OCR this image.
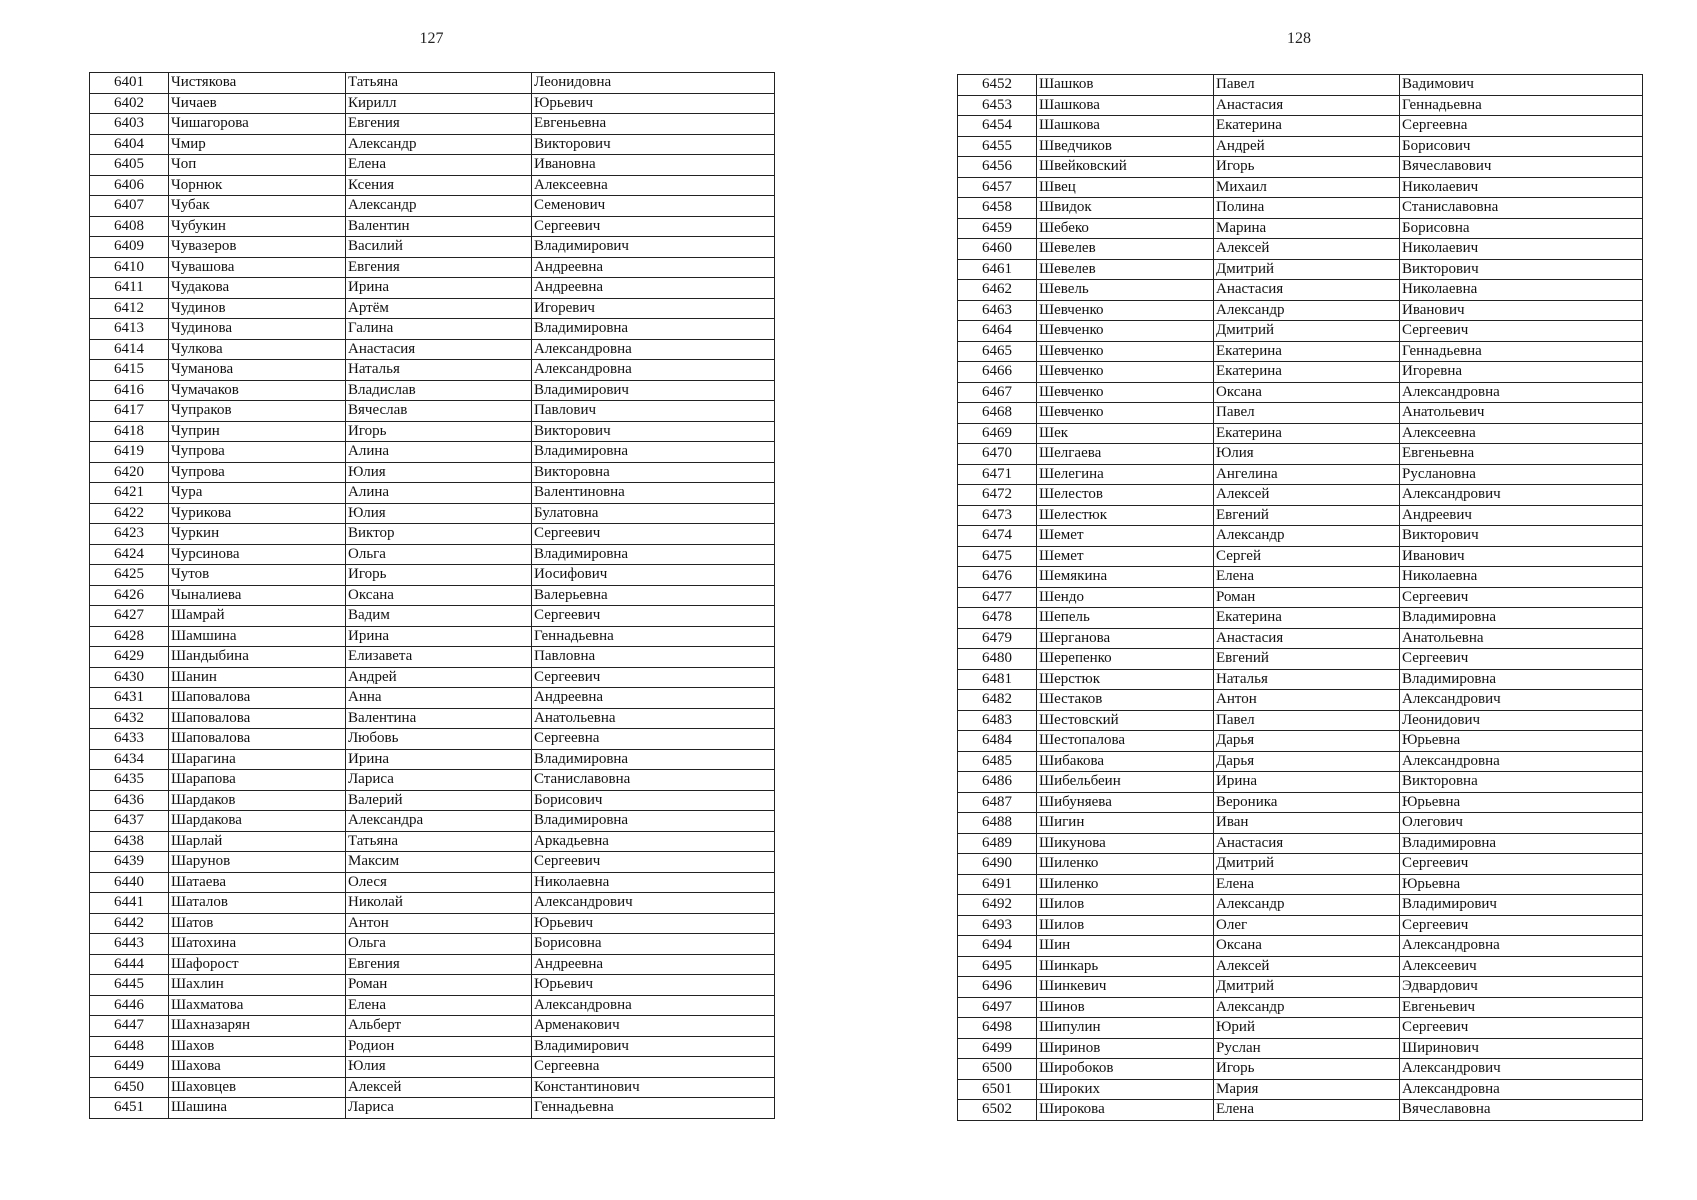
127
6401	Чистякова	Татьяна	Леонидовна
6402	Чичаев	Кирилл	Юрьевич
6403	Чишагорова	Евгения	Евгеньевна
6404	Чмир	Александр	Викторович
6405	Чоп	Елена	Ивановна
6406	Чорнюк	Ксения	Алексеевна
6407	Чубак	Александр	Семенович
6408	Чубукин	Валентин	Сергеевич
6409	Чувазеров	Василий	Владимирович
6410	Чувашова	Евгения	Андреевна
6411	Чудакова	Ирина	Андреевна
6412	Чудинов	Артём	Игоревич
6413	Чудинова	Галина	Владимировна
6414	Чулкова	Анастасия	Александровна
6415	Чуманова	Наталья	Александровна
6416	Чумачаков	Владислав	Владимирович
6417	Чупраков	Вячеслав	Павлович
6418	Чуприн	Игорь	Викторович
6419	Чупрова	Алина	Владимировна
6420	Чупрова	Юлия	Викторовна
6421	Чура	Алина	Валентиновна
6422	Чурикова	Юлия	Булатовна
6423	Чуркин	Виктор	Сергеевич
6424	Чурсинова	Ольга	Владимировна
6425	Чутов	Игорь	Иосифович
6426	Чыналиева	Оксана	Валерьевна
6427	Шамрай	Вадим	Сергеевич
6428	Шамшина	Ирина	Геннадьевна
6429	Шандыбина	Елизавета	Павловна
6430	Шанин	Андрей	Сергеевич
6431	Шаповалова	Анна	Андреевна
6432	Шаповалова	Валентина	Анатольевна
6433	Шаповалова	Любовь	Сергеевна
6434	Шарагина	Ирина	Владимировна
6435	Шарапова	Лариса	Станиславовна
6436	Шардаков	Валерий	Борисович
6437	Шардакова	Александра	Владимировна
6438	Шарлай	Татьяна	Аркадьевна
6439	Шарунов	Максим	Сергеевич
6440	Шатаева	Олеся	Николаевна
6441	Шаталов	Николай	Александрович
6442	Шатов	Антон	Юрьевич
6443	Шатохина	Ольга	Борисовна
6444	Шафорост	Евгения	Андреевна
6445	Шахлин	Роман	Юрьевич
6446	Шахматова	Елена	Александровна
6447	Шахназарян	Альберт	Арменакович
6448	Шахов	Родион	Владимирович
6449	Шахова	Юлия	Сергеевна
6450	Шаховцев	Алексей	Константинович
6451	Шашина	Лариса	Геннадьевна
128
6452	Шашков	Павел	Вадимович
6453	Шашкова	Анастасия	Геннадьевна
6454	Шашкова	Екатерина	Сергеевна
6455	Шведчиков	Андрей	Борисович
6456	Швейковский	Игорь	Вячеславович
6457	Швец	Михаил	Николаевич
6458	Швидок	Полина	Станиславовна
6459	Шебеко	Марина	Борисовна
6460	Шевелев	Алексей	Николаевич
6461	Шевелев	Дмитрий	Викторович
6462	Шевель	Анастасия	Николаевна
6463	Шевченко	Александр	Иванович
6464	Шевченко	Дмитрий	Сергеевич
6465	Шевченко	Екатерина	Геннадьевна
6466	Шевченко	Екатерина	Игоревна
6467	Шевченко	Оксана	Александровна
6468	Шевченко	Павел	Анатольевич
6469	Шек	Екатерина	Алексеевна
6470	Шелгаева	Юлия	Евгеньевна
6471	Шелегина	Ангелина	Руслановна
6472	Шелестов	Алексей	Александрович
6473	Шелестюк	Евгений	Андреевич
6474	Шемет	Александр	Викторович
6475	Шемет	Сергей	Иванович
6476	Шемякина	Елена	Николаевна
6477	Шендо	Роман	Сергеевич
6478	Шепель	Екатерина	Владимировна
6479	Шерганова	Анастасия	Анатольевна
6480	Шерепенко	Евгений	Сергеевич
6481	Шерстюк	Наталья	Владимировна
6482	Шестаков	Антон	Александрович
6483	Шестовский	Павел	Леонидович
6484	Шестопалова	Дарья	Юрьевна
6485	Шибакова	Дарья	Александровна
6486	Шибельбеин	Ирина	Викторовна
6487	Шибуняева	Вероника	Юрьевна
6488	Шигин	Иван	Олегович
6489	Шикунова	Анастасия	Владимировна
6490	Шиленко	Дмитрий	Сергеевич
6491	Шиленко	Елена	Юрьевна
6492	Шилов	Александр	Владимирович
6493	Шилов	Олег	Сергеевич
6494	Шин	Оксана	Александровна
6495	Шинкарь	Алексей	Алексеевич
6496	Шинкевич	Дмитрий	Эдвардович
6497	Шинов	Александр	Евгеньевич
6498	Шипулин	Юрий	Сергеевич
6499	Ширинов	Руслан	Ширинович
6500	Широбоков	Игорь	Александрович
6501	Широких	Мария	Александровна
6502	Широкова	Елена	Вячеславовна
